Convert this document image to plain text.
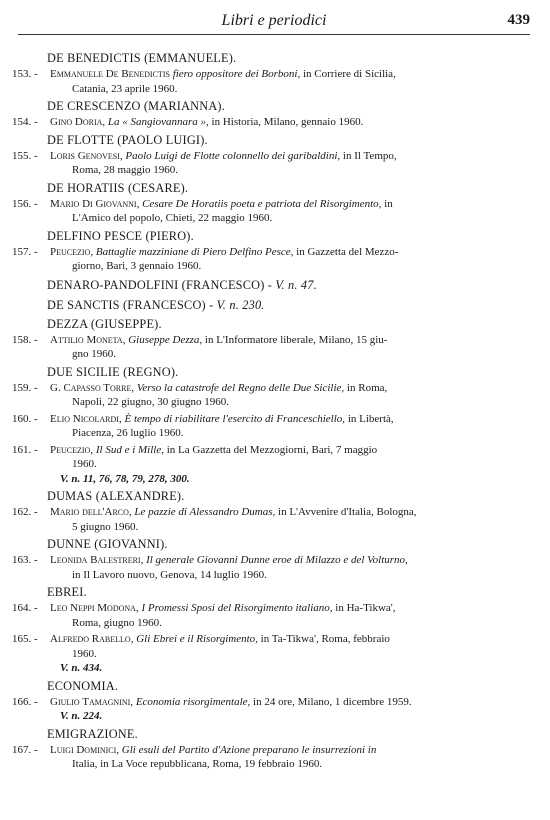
Libri e periodici	439
DE BENEDICTIS (EMMANUELE).
153. -	Emmanuele De Benedictis fiero oppositore dei Borboni, in Corriere di Sicilia,
Catania, 23 aprile 1960.
DE CRESCENZO (MARIANNA).
154. -	Gino Doria, La « Sangiovannara », in Historia, Milano, gennaio 1960.
DE FLOTTE (PAOLO LUIGI).
155. -	Loris Genovesi, Paolo Luigi de Flotte colonnello dei garibaldini, in Il Tempo,
Roma, 28 maggio 1960.
DE HORATIIS (CESARE).
156. -	Mario Di Giovanni, Cesare De Horatiis poeta e patriota del Risorgimento, in
L'Amico del popolo, Chieti, 22 maggio 1960.
DELFINO PESCE (PIERO).
157. -	Peucezio, Battaglie mazziniane di Piero Delfino Pesce, in Gazzetta del Mezzo-
giorno, Bari, 3 gennaio 1960.
DENARO-PANDOLFINI (FRANCESCO) - V. n. 47.
DE SANCTIS (FRANCESCO) - V. n. 230.
DEZZA (GIUSEPPE).
158. -	Attilio Moneta, Giuseppe Dezza, in L'Informatore liberale, Milano, 15 giu-
gno 1960.
DUE SICILIE (REGNO).
159. -	G. Capasso Torre, Verso la catastrofe del Regno delle Due Sicilie, in Roma,
Napoli, 22 giugno, 30 giugno 1960.
160. -	Elio Nicolardi, È tempo di riabilitare l'esercito di Franceschiello, in Libertà,
Piacenza, 26 luglio 1960.
161. -	Peucezio, Il Sud e i Mille, in La Gazzetta del Mezzogiorni, Bari, 7 maggio
1960.
V. n. 11, 76, 78, 79, 278, 300.
DUMAS (ALEXANDRE).
162. -	Mario dell'Arco, Le pazzie di Alessandro Dumas, in L'Avvenire d'Italia, Bologna,
5 giugno 1960.
DUNNE (GIOVANNI).
163. -	Leonida Balestreri, Il generale Giovanni Dunne eroe di Milazzo e del Volturno,
in Il Lavoro nuovo, Genova, 14 luglio 1960.
EBREI.
164. -	Leo Neppi Modona, I Promessi Sposi del Risorgimento italiano, in Ha-Tikwa',
Roma, giugno 1960.
165. -	Alfredo Rabello, Gli Ebrei e il Risorgimento, in Ta-Tikwa', Roma, febbraio
1960.
V. n. 434.
ECONOMIA.
166. -	Giulio Tamagnini, Economia risorgimentale, in 24 ore, Milano, 1 dicembre 1959.
V. n. 224.
EMIGRAZIONE.
167. -	Luigi Dominici, Gli esuli del Partito d'Azione preparano le insurrezioni in
Italia, in La Voce repubblicana, Roma, 19 febbraio 1960.
